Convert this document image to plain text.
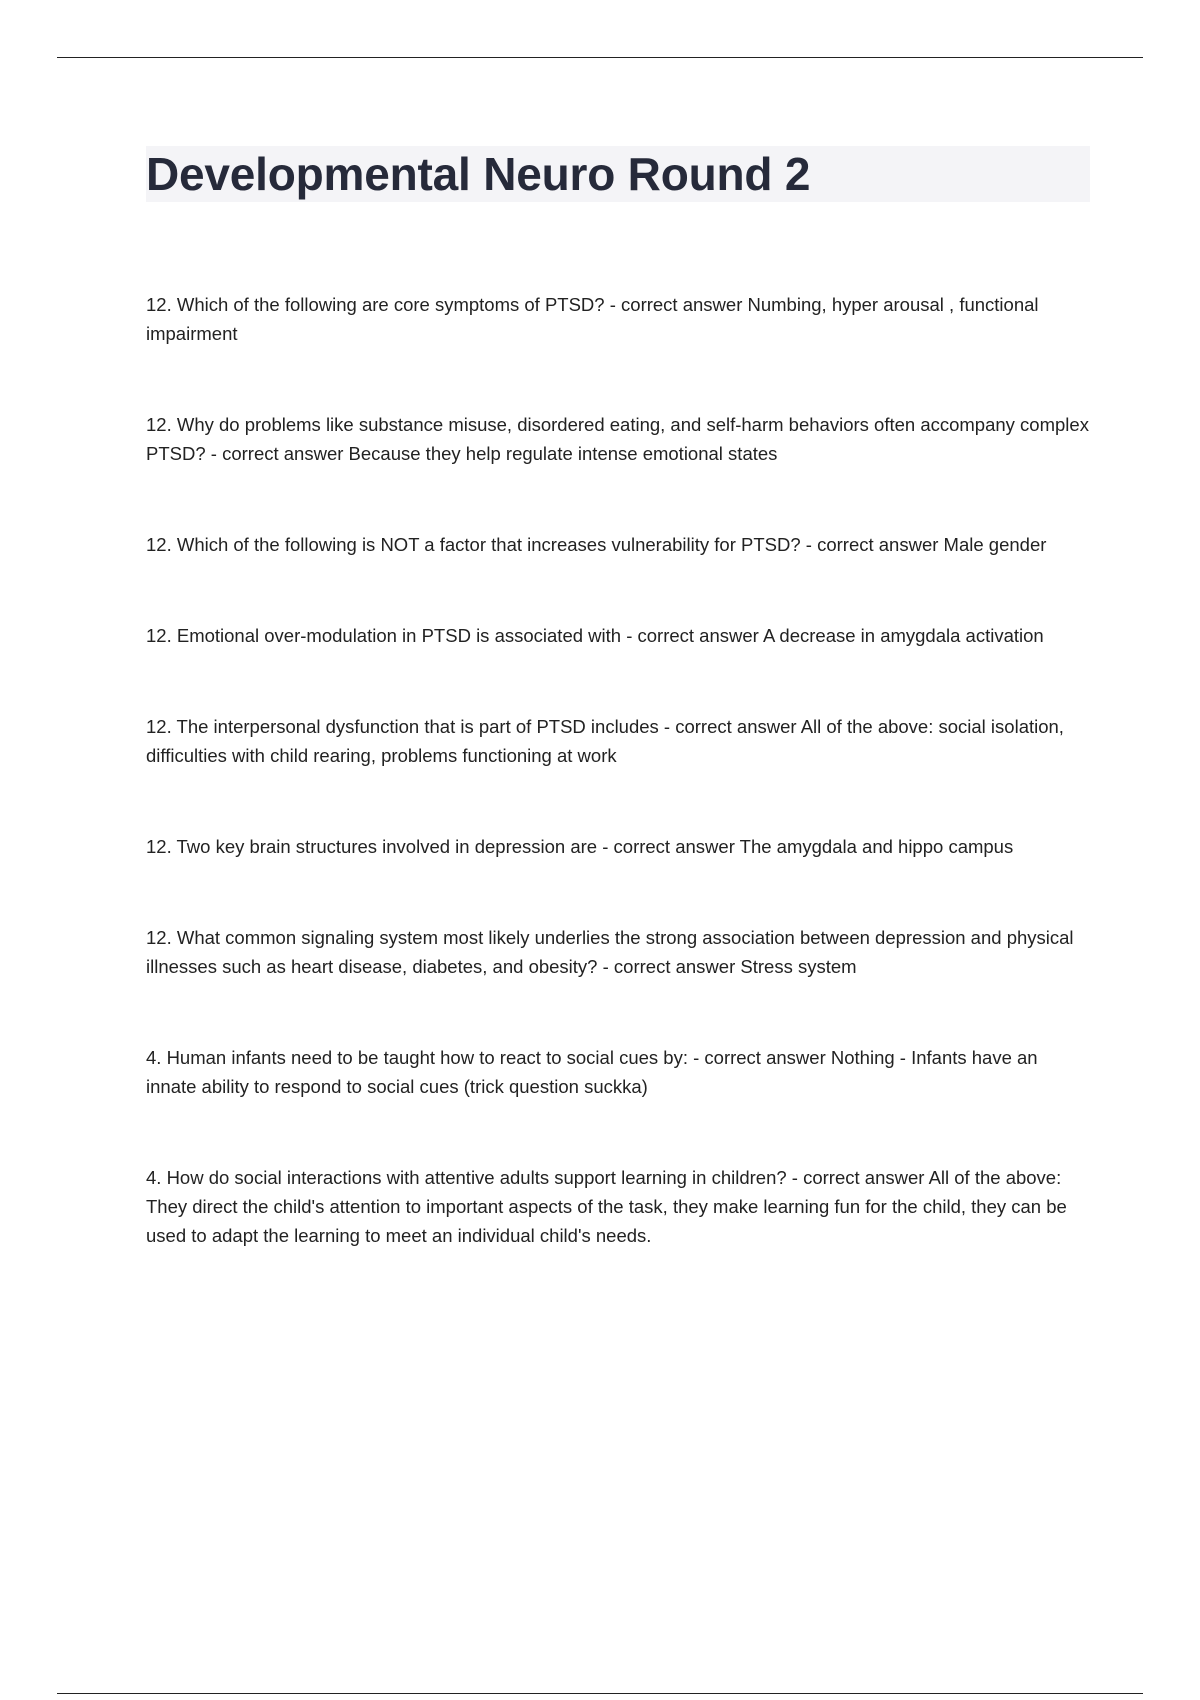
Developmental Neuro Round 2

12. Which of the following are core symptoms of PTSD? - correct answer Numbing, hyper arousal , functional impairment

12. Why do problems like substance misuse, disordered eating, and self-harm behaviors often accompany complex PTSD? - correct answer Because they help regulate intense emotional states

12. Which of the following is NOT a factor that increases vulnerability for PTSD? - correct answer Male gender

12. Emotional over-modulation in PTSD is associated with - correct answer A decrease in amygdala activation

12. The interpersonal dysfunction that is part of PTSD includes - correct answer All of the above: social isolation, difficulties with child rearing, problems functioning at work

12. Two key brain structures involved in depression are - correct answer The amygdala and hippo campus

12. What common signaling system most likely underlies the strong association between depression and physical illnesses such as heart disease, diabetes, and obesity? - correct answer Stress system

4. Human infants need to be taught how to react to social cues by: - correct answer Nothing - Infants have an innate ability to respond to social cues (trick question suckka)

4. How do social interactions with attentive adults support learning in children? - correct answer All of the above: They direct the child's attention to important aspects of the task, they make learning fun for the child, they can be used to adapt the learning to meet an individual child's needs.
